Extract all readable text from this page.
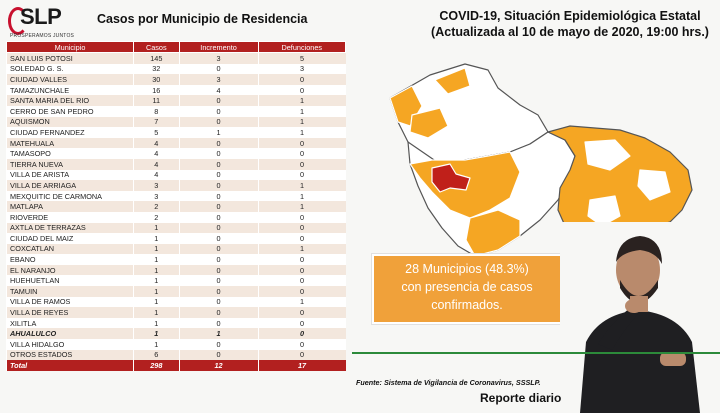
SLP
PROSPERAMOS JUNTOS
Casos por Municipio de Residencia
Municipio	Casos	Incremento	Defunciones
SAN LUIS POTOSI	145	3	5
SOLEDAD G. S.	32	0	3
CIUDAD VALLES	30	3	0
TAMAZUNCHALE	16	4	0
SANTA MARIA DEL RIO	11	0	1
CERRO DE SAN PEDRO	8	0	1
AQUISMON	7	0	1
CIUDAD FERNANDEZ	5	1	1
MATEHUALA	4	0	0
TAMASOPO	4	0	0
TIERRA NUEVA	4	0	0
VILLA DE ARISTA	4	0	0
VILLA DE ARRIAGA	3	0	1
MEXQUITIC DE CARMONA	3	0	1
MATLAPA	2	0	1
RIOVERDE	2	0	0
AXTLA DE TERRAZAS	1	0	0
CIUDAD DEL MAIZ	1	0	0
COXCATLAN	1	0	1
EBANO	1	0	0
EL NARANJO	1	0	0
HUEHUETLAN	1	0	0
TAMUIN	1	0	0
VILLA DE RAMOS	1	0	1
VILLA DE REYES	1	0	0
XILITLA	1	0	0
AHUALULCO	1	1	0
VILLA HIDALGO	1	0	0
OTROS ESTADOS	6	0	0
Total	298	12	17
COVID-19, Situación Epidemiológica Estatal
(Actualizada al 10 de mayo de 2020, 19:00 hrs.)
28 Municipios (48.3%)
con presencia de casos
confirmados.
Fuente: Sistema de Vigilancia de Coronavirus, SSSLP.
Reporte diario
